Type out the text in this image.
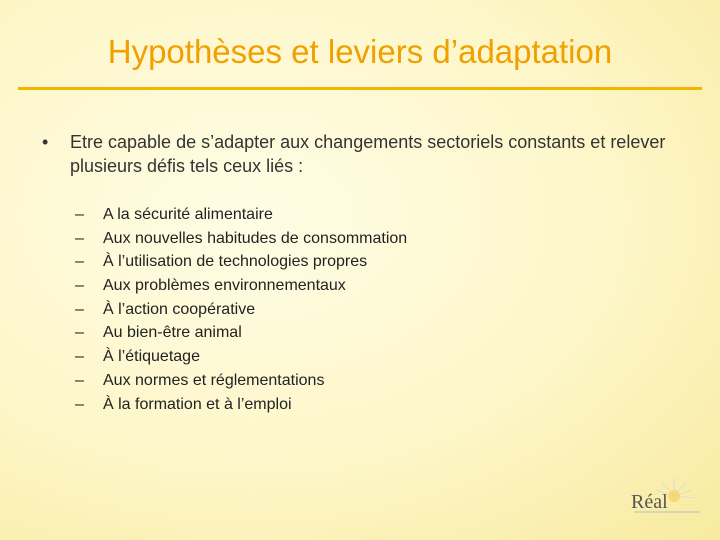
Hypothèses et leviers d’adaptation
• Etre capable de s’adapter aux changements sectoriels constants et relever plusieurs défis tels ceux liés :
– A la sécurité alimentaire
– Aux nouvelles habitudes de consommation
– À l’utilisation de technologies propres
– Aux problèmes environnementaux
– À l’action coopérative
– Au bien-être animal
– À l’étiquetage
– Aux normes et réglementations
– À la formation et à l’emploi
Réal
